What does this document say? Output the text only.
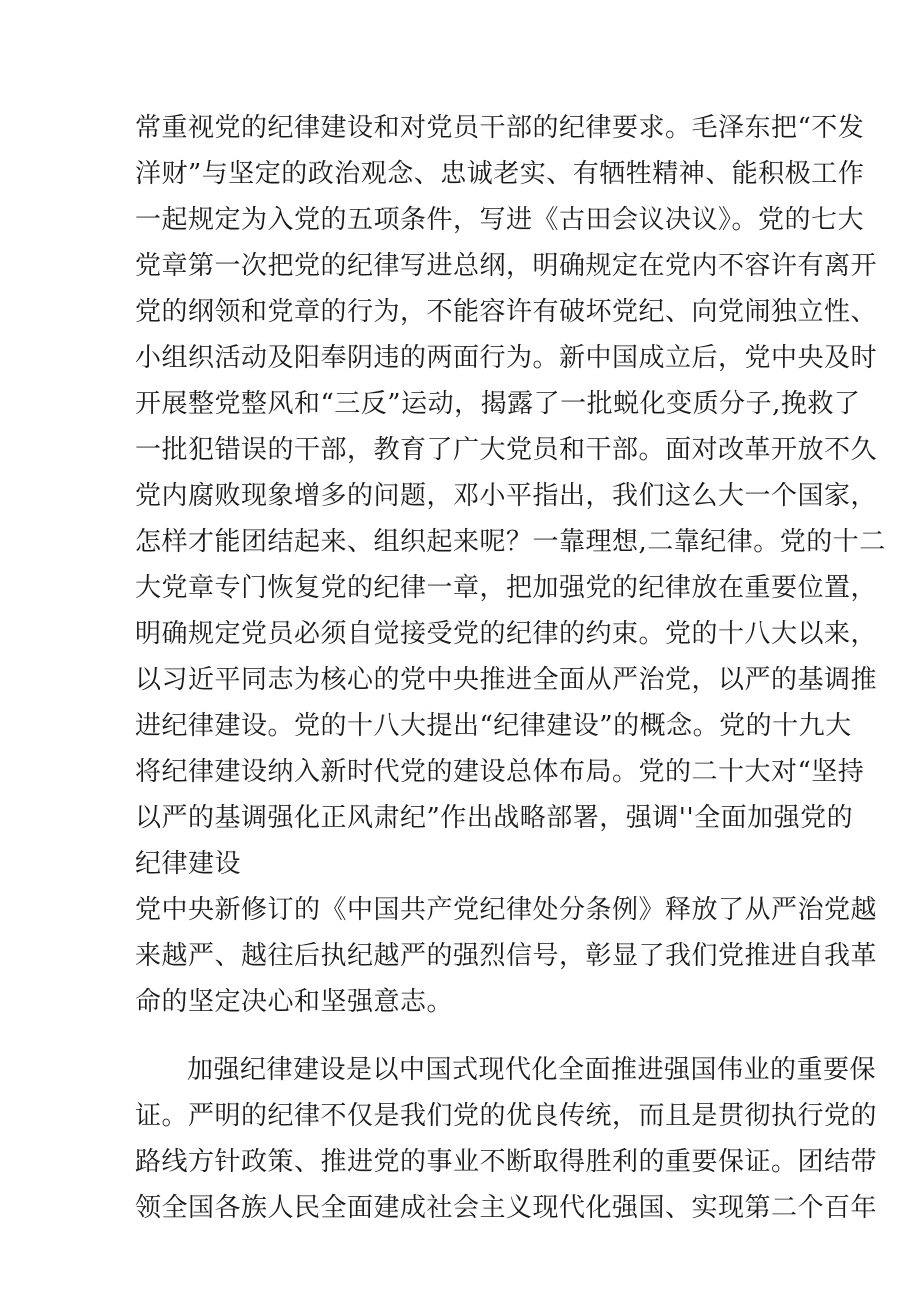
常重视党的纪律建设和对党员干部的纪律要求。毛泽东把“不发
洋财”与坚定的政治观念、忠诚老实、有牺牲精神、能积极工作
一起规定为入党的五项条件，写进《古田会议决议》。党的七大
党章第一次把党的纪律写进总纲，明确规定在党内不容许有离开
党的纲领和党章的行为，不能容许有破坏党纪、向党闹独立性、
小组织活动及阳奉阴违的两面行为。新中国成立后，党中央及时
开展整党整风和“三反”运动，揭露了一批蜕化变质分子,挽救了
一批犯错误的干部，教育了广大党员和干部。面对改革开放不久
党内腐败现象增多的问题，邓小平指出，我们这么大一个国家，
怎样才能团结起来、组织起来呢？一靠理想,二靠纪律。党的十二
大党章专门恢复党的纪律一章，把加强党的纪律放在重要位置，
明确规定党员必须自觉接受党的纪律的约束。党的十八大以来，
以习近平同志为核心的党中央推进全面从严治党，以严的基调推
进纪律建设。党的十八大提出“纪律建设”的概念。党的十九大
将纪律建设纳入新时代党的建设总体布局。党的二十大对“坚持
以严的基调强化正风肃纪”作出战略部署，强调''全面加强党的
纪律建设
党中央新修订的《中国共产党纪律处分条例》释放了从严治党越
来越严、越往后执纪越严的强烈信号，彰显了我们党推进自我革
命的坚定决心和坚强意志。
加强纪律建设是以中国式现代化全面推进强国伟业的重要保
证。严明的纪律不仅是我们党的优良传统，而且是贯彻执行党的
路线方针政策、推进党的事业不断取得胜利的重要保证。团结带
领全国各族人民全面建成社会主义现代化强国、实现第二个百年
